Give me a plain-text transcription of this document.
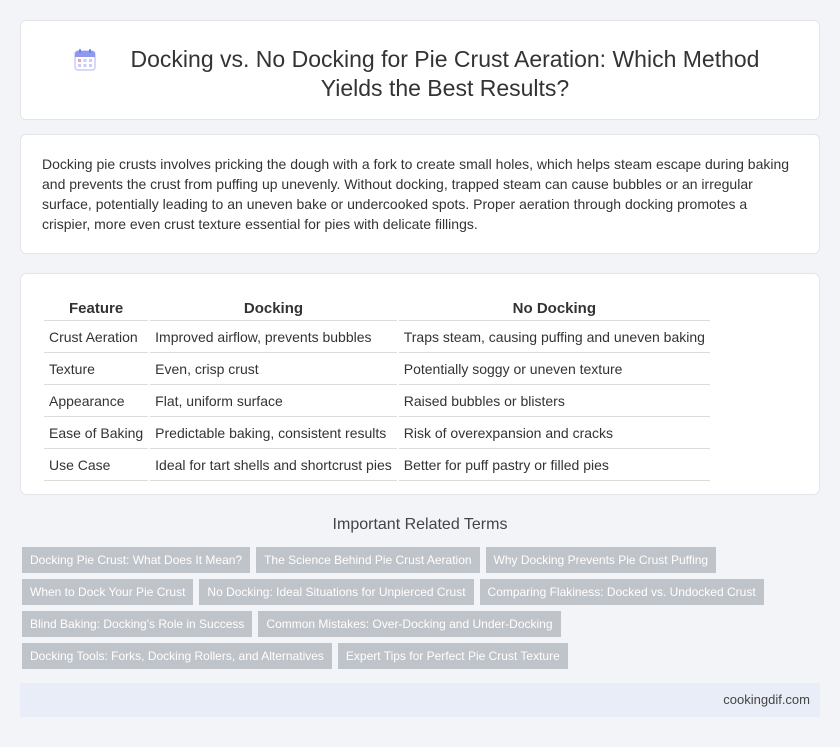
Docking vs. No Docking for Pie Crust Aeration: Which Method
Yields the Best Results?

Docking pie crusts involves pricking the dough with a fork to create small holes, which helps steam escape during baking and prevents the crust from puffing up unevenly. Without docking, trapped steam can cause bubbles or an irregular surface, potentially leading to an uneven bake or undercooked spots. Proper aeration through docking promotes a crispier, more even crust texture essential for pies with delicate fillings.

Feature	Docking	No Docking
Crust Aeration	Improved airflow, prevents bubbles	Traps steam, causing puffing and uneven baking
Texture	Even, crisp crust	Potentially soggy or uneven texture
Appearance	Flat, uniform surface	Raised bubbles or blisters
Ease of Baking	Predictable baking, consistent results	Risk of overexpansion and cracks
Use Case	Ideal for tart shells and shortcrust pies	Better for puff pastry or filled pies
Important Related Terms
Docking Pie Crust: What Does It Mean?	The Science Behind Pie Crust Aeration	Why Docking Prevents Pie Crust Puffing
When to Dock Your Pie Crust	No Docking: Ideal Situations for Unpierced Crust	Comparing Flakiness: Docked vs. Undocked Crust
Blind Baking: Docking's Role in Success	Common Mistakes: Over-Docking and Under-Docking
Docking Tools: Forks, Docking Rollers, and Alternatives	Expert Tips for Perfect Pie Crust Texture
cookingdif.com
